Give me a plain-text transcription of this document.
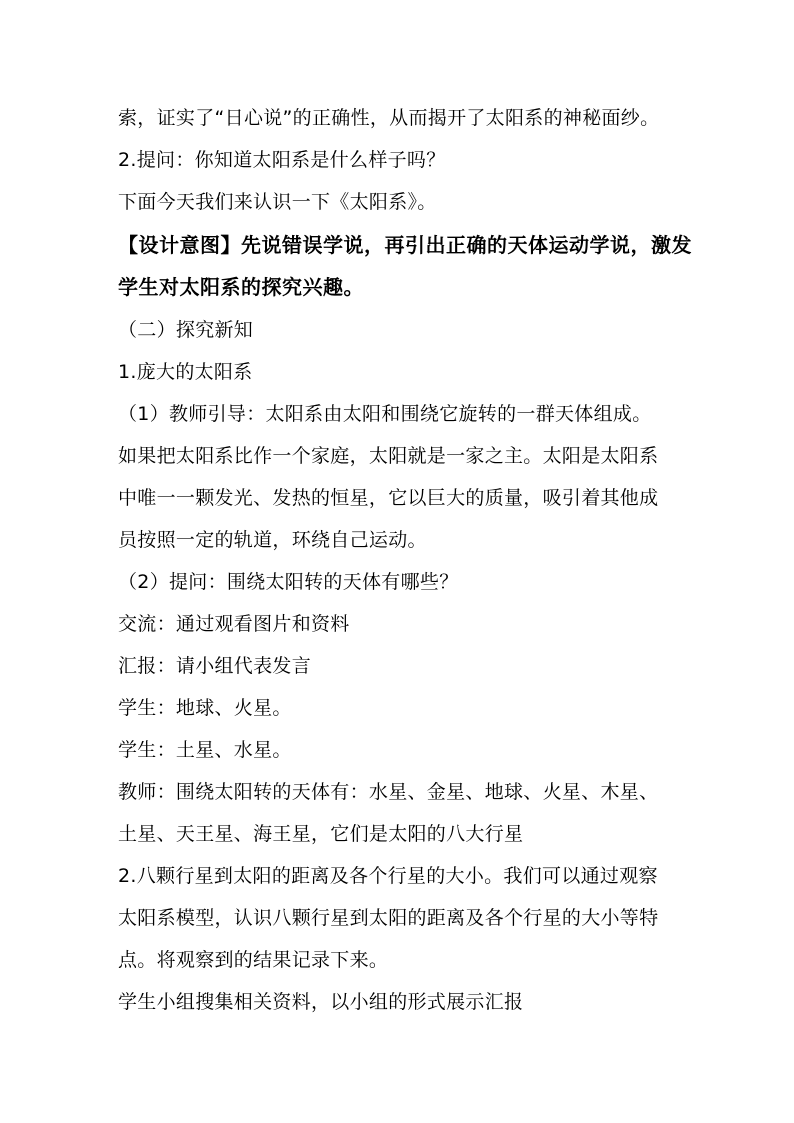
索，证实了“日心说”的正确性，从而揭开了太阳系的神秘面纱。
2.提问：你知道太阳系是什么样子吗？
下面今天我们来认识一下《太阳系》。
【设计意图】先说错误学说，再引出正确的天体运动学说，激发
学生对太阳系的探究兴趣。
（二）探究新知
1.庞大的太阳系
（1）教师引导：太阳系由太阳和围绕它旋转的一群天体组成。
如果把太阳系比作一个家庭，太阳就是一家之主。太阳是太阳系
中唯一一颗发光、发热的恒星，它以巨大的质量，吸引着其他成
员按照一定的轨道，环绕自己运动。
（2）提问：围绕太阳转的天体有哪些？
交流：通过观看图片和资料
汇报：请小组代表发言
学生：地球、火星。
学生：土星、水星。
教师：围绕太阳转的天体有：水星、金星、地球、火星、木星、
土星、天王星、海王星，它们是太阳的八大行星
2.八颗行星到太阳的距离及各个行星的大小。我们可以通过观察
太阳系模型，认识八颗行星到太阳的距离及各个行星的大小等特
点。将观察到的结果记录下来。
学生小组搜集相关资料，以小组的形式展示汇报
